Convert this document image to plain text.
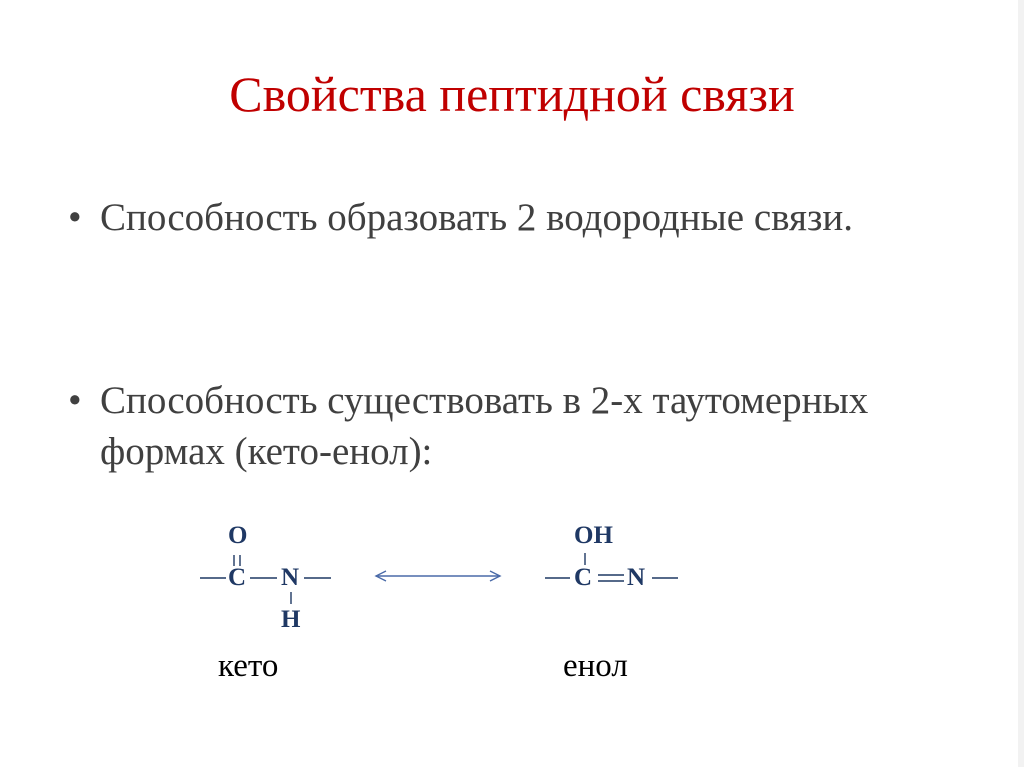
Свойства пептидной связи
• Способность образовать 2 водородные связи.
• Способность существовать в 2-х таутомерных формах (кето-енол):
O
C N
H
кето
OH
C N
енол
